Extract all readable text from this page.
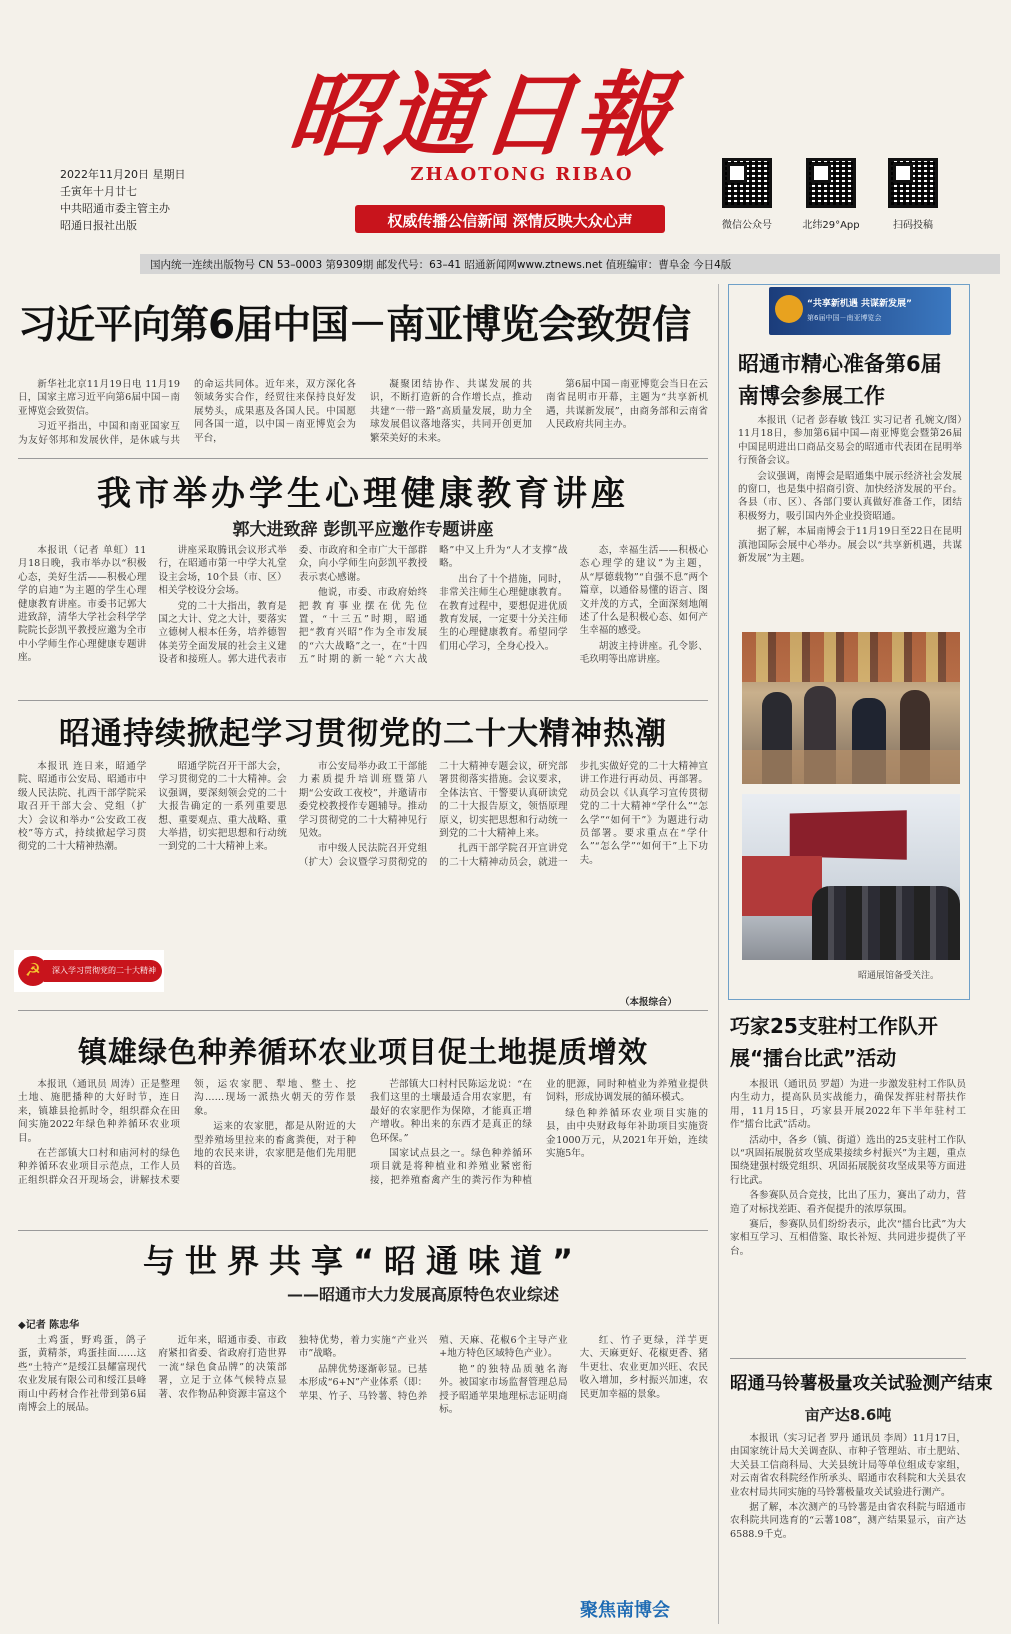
昭通日報
ZHAOTONG RIBAO
权威传播公信新闻 深情反映大众心声
2022年11月20日 星期日
壬寅年十月廿七
中共昭通市委主管主办
昭通日报社出版	微信公众号	北纬29°App	扫码投稿
国内统一连续出版物号 CN 53–0003 第9309期 邮发代号：63–41 昭通新闻网www.ztnews.net 值班编审：曹阜金 今日4版
习近平向第6届中国－南亚博览会致贺信

新华社北京11月19日电 11月19日，国家主席习近平向第6届中国－南亚博览会致贺信。

习近平指出，中国和南亚国家互为友好邻邦和发展伙伴，是休戚与共的命运共同体。近年来，双方深化各领域务实合作，经贸往来保持良好发展势头，成果惠及各国人民。中国愿同各国一道，以中国－南亚博览会为平台，

凝聚团结协作、共谋发展的共识，不断打造新的合作增长点，推动共建“一带一路”高质量发展，助力全球发展倡议落地落实，共同开创更加繁荣美好的未来。

第6届中国－南亚博览会当日在云南省昆明市开幕，主题为“共享新机遇，共谋新发展”，由商务部和云南省人民政府共同主办。

我市举办学生心理健康教育讲座
郭大进致辞 彭凯平应邀作专题讲座

本报讯（记者 单虹）11月18日晚，我市举办以“积极心态，美好生活——积极心理学的启迪”为主题的学生心理健康教育讲座。市委书记郭大进致辞，清华大学社会科学学院院长彭凯平教授应邀为全市中小学师生作心理健康专题讲座。

讲座采取腾讯会议形式举行，在昭通市第一中学大礼堂设主会场，10个县（市、区）相关学校设分会场。

党的二十大指出，教育是国之大计、党之大计，要落实立德树人根本任务，培养德智体美劳全面发展的社会主义建设者和接班人。郭大进代表市委、市政府和全市广大干部群众，向小学师生向彭凯平教授表示衷心感谢。

他说，市委、市政府始终把教育事业摆在优先位置，“十三五”时期，昭通把“教育兴昭”作为全市发展的“六大战略”之一，在“十四五”时期的新一轮“六大战略”中又上升为“人才支撑”战略。

出台了十个措施，同时，非常关注师生心理健康教育。在教育过程中，要想促进优质教育发展，一定要十分关注师生的心理健康教育。希望同学们用心学习，全身心投入。

态，幸福生活——积极心态心理学的建议”为主题，从“厚德载物”“自强不息”两个篇章，以通俗易懂的语言、图文并茂的方式，全面深刻地阐述了什么是积极心态、如何产生幸福的感受。

胡波主持讲座。孔令影、毛玖明等出席讲座。

昭通持续掀起学习贯彻党的二十大精神热潮

本报讯 连日来，昭通学院、昭通市公安局、昭通市中级人民法院、扎西干部学院采取召开干部大会、党组（扩大）会议和举办“公安政工夜校”等方式，持续掀起学习贯彻党的二十大精神热潮。

昭通学院召开干部大会，学习贯彻党的二十大精神。会议强调，要深刻领会党的二十大报告确定的一系列重要思想、重要观点、重大战略、重大举措，切实把思想和行动统一到党的二十大精神上来。

市公安局举办政工干部能力素质提升培训班暨第八期“公安政工夜校”，并邀请市委党校教授作专题辅导。推动学习贯彻党的二十大精神见行见效。

市中级人民法院召开党组（扩大）会议暨学习贯彻党的二十大精神专题会议，研究部署贯彻落实措施。会议要求，全体法官、干警要认真研读党的二十大报告原文，领悟原理原义，切实把思想和行动统一到党的二十大精神上来。

扎西干部学院召开宣讲党的二十大精神动员会，就进一步扎实做好党的二十大精神宣讲工作进行再动员、再部署。动员会以《认真学习宣传贯彻党的二十大精神“学什么”“怎么学”“如何干”》为题进行动员部署。要求重点在“学什么”“怎么学”“如何干”上下功夫。

☭	深入学习贯彻党的二十大精神
（本报综合）
镇雄绿色种养循环农业项目促土地提质增效

本报讯（通讯员 周涛）正是整理土地、施肥播种的大好时节，连日来，镇雄县抢抓时令，组织群众在田间实施2022年绿色种养循环农业项目。

在芒部镇大口村和庙河村的绿色种养循环农业项目示范点，工作人员正组织群众召开现场会，讲解技术要领，运农家肥、犁地、整土、挖沟……现场一派热火朝天的劳作景象。

运来的农家肥，都是从附近的大型养殖场里拉来的畜禽粪便，对于种地的农民来讲，农家肥是他们先用肥料的首选。

芒部镇大口村村民陈运龙说：“在我们这里的土壤最适合用农家肥，有最好的农家肥作为保障，才能真正增产增收。种出来的东西才是真正的绿色环保。”

国家试点县之一。绿色种养循环项目就是将种植业和养殖业紧密衔接，把养殖畜禽产生的粪污作为种植业的肥源，同时种植业为养殖业提供饲料，形成协调发展的循环模式。

绿色种养循环农业项目实施的县，由中央财政每年补助项目实施资金1000万元，从2021年开始，连续实施5年。

与世界共享“昭通味道”
——昭通市大力发展高原特色农业综述
◆记者 陈忠华

土鸡蛋，野鸡蛋，鸽子蛋，黄精茶，鸡蛋挂面……这些“土特产”是绥江县耀富现代农业发展有限公司和绥江县峰雨山中药材合作社带到第6届南博会上的展品。

近年来，昭通市委、市政府紧扣省委、省政府打造世界一流“绿色食品牌”的决策部署，立足于立体气候特点显著、农作物品种资源丰富这个独特优势，着力实施“产业兴市”战略。

品牌优势逐渐彰显。已基本形成“6+N”产业体系（即：苹果、竹子、马铃薯、特色养殖、天麻、花椒6个主导产业+地方特色区域特色产业）。

艳”的独特品质驰名海外。被国家市场监督管理总局授予昭通苹果地理标志证明商标。

红、竹子更绿，洋芋更大、天麻更好、花椒更香、猪牛更壮、农业更加兴旺、农民收入增加，乡村振兴加速，农民更加幸福的景象。

聚焦南博会
“共享新机遇 共谋新发展”
第6届中国－南亚博览会
昭通市精心准备第6届南博会参展工作

本报讯（记者 彭春敏 钱江 实习记者 孔婉文/图）11月18日，参加第6届中国—南亚博览会暨第26届中国昆明进出口商品交易会的昭通市代表团在昆明举行预备会议。

会议强调，南博会是昭通集中展示经济社会发展的窗口，也是集中招商引资、加快经济发展的平台。各县（市、区）、各部门要认真做好准备工作，团结积极努力，吸引国内外企业投资昭通。

据了解，本届南博会于11月19日至22日在昆明滇池国际会展中心举办。展会以“共享新机遇，共谋新发展”为主题。

昭通展馆备受关注。
巧家25支驻村工作队开展“擂台比武”活动

本报讯（通讯员 罗超）为进一步激发驻村工作队员内生动力，提高队员实战能力，确保发挥驻村帮扶作用，11月15日，巧家县开展2022年下半年驻村工作“擂台比武”活动。

活动中，各乡（镇、街道）选出的25支驻村工作队以“巩固拓展脱贫攻坚成果接续乡村振兴”为主题，重点围绕建强村级党组织、巩固拓展脱贫攻坚成果等方面进行比武。

各参赛队员合竞技，比出了压力，赛出了动力，营造了对标找差距、看齐促提升的浓厚氛围。

赛后，参赛队员们纷纷表示，此次“擂台比武”为大家相互学习、互相借鉴、取长补短、共同进步提供了平台。

昭通马铃薯极量攻关试验测产结束
亩产达8.6吨

本报讯（实习记者 罗丹 通讯员 李周）11月17日，由国家统计局大关调查队、市种子管理站、市土肥站、大关县工信商科局、大关县统计局等单位组成专家组，对云南省农科院经作所承头、昭通市农科院和大关县农业农村局共同实施的马铃薯极量攻关试验进行测产。

据了解，本次测产的马铃薯是由省农科院与昭通市农科院共同选育的“云薯108”，测产结果显示，亩产达6588.9千克。
